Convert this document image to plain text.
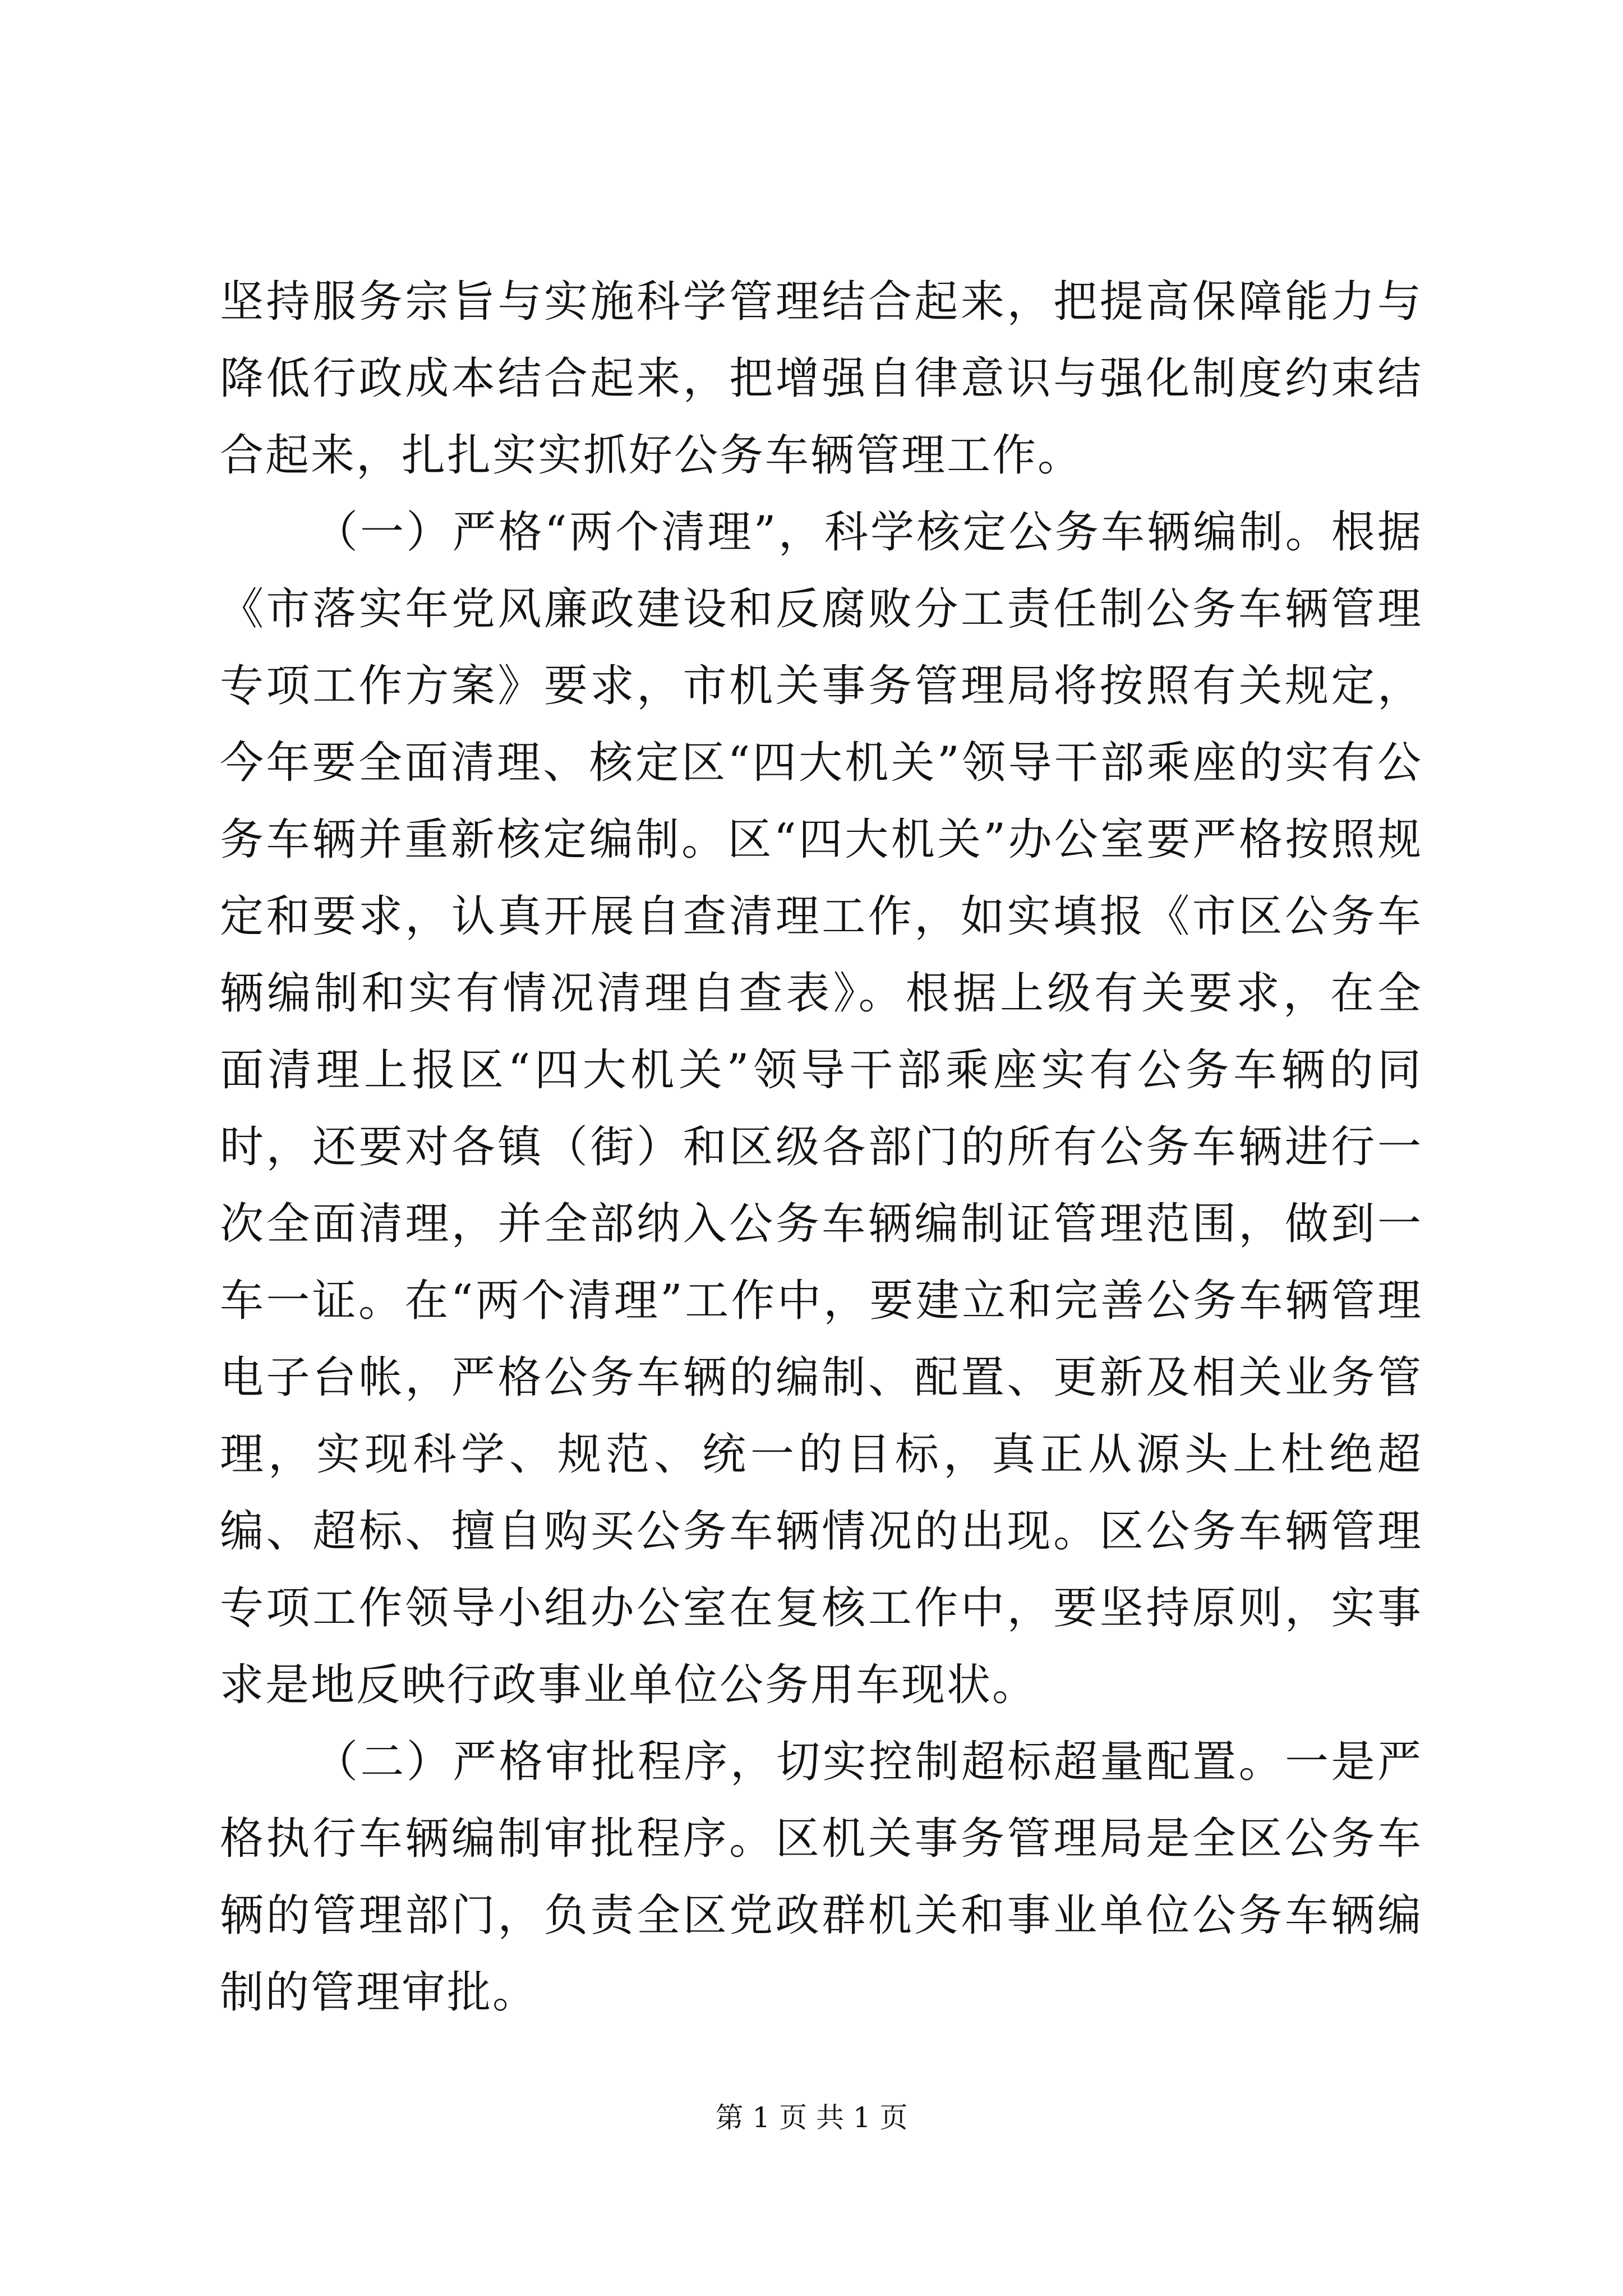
坚持服务宗旨与实施科学管理结合起来，把提高保障能力与降低行政成本结合起来，把增强自律意识与强化制度约束结合起来，扎扎实实抓好公务车辆管理工作。

（一）严格“两个清理”，科学核定公务车辆编制。根据《市落实年党风廉政建设和反腐败分工责任制公务车辆管理专项工作方案》要求，市机关事务管理局将按照有关规定，今年要全面清理、核定区“四大机关”领导干部乘座的实有公务车辆并重新核定编制。区“四大机关”办公室要严格按照规定和要求，认真开展自查清理工作，如实填报《市区公务车辆编制和实有情况清理自查表》。根据上级有关要求，在全面清理上报区“四大机关”领导干部乘座实有公务车辆的同时，还要对各镇（街）和区级各部门的所有公务车辆进行一次全面清理，并全部纳入公务车辆编制证管理范围，做到一车一证。在“两个清理”工作中，要建立和完善公务车辆管理电子台帐，严格公务车辆的编制、配置、更新及相关业务管理，实现科学、规范、统一的目标，真正从源头上杜绝超编、超标、擅自购买公务车辆情况的出现。区公务车辆管理专项工作领导小组办公室在复核工作中，要坚持原则，实事求是地反映行政事业单位公务用车现状。

（二）严格审批程序，切实控制超标超量配置。一是严格执行车辆编制审批程序。区机关事务管理局是全区公务车辆的管理部门，负责全区党政群机关和事业单位公务车辆编制的管理审批。

第 1 页 共 1 页
